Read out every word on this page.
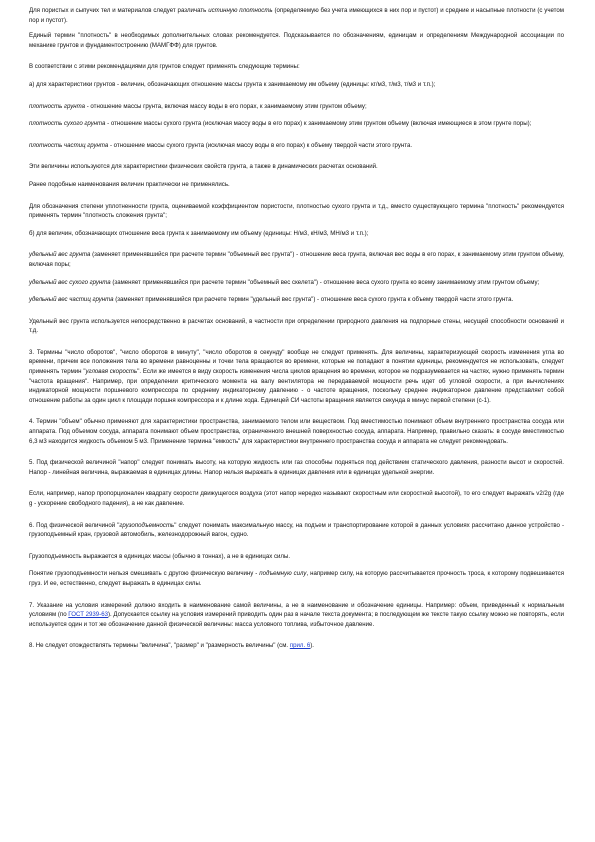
Для пористых и сыпучих тел и материалов следует различать истинную плотность (определяемую без учета имеющихся в них пор и пустот) и средние и насыпные плотности (с учетом пор и пустот).

Единый термин "плотность" в необходимых дополнительных словах рекомендуется. Подсказывается по обозначениям, единицам и определениям Международной ассоциации по механике грунтов и фундаментостроению (МАМГФФ) для грунтов.

В соответствии с этими рекомендациями для грунтов следует применять следующие термины:

а) для характеристики грунтов - величин, обозначающих отношение массы грунта к занимаемому им объему (единицы: кг/м3, т/м3, т/м3 и т.п.);

плотность грунта - отношение массы грунта, включая массу воды в его порах, к занимаемому этим грунтом объему;

плотность сухого грунта - отношение массы сухого грунта (исключая массу воды в его порах) к занимаемому этим грунтом объему (включая имеющиеся в этом грунте поры);

плотность частиц грунта - отношение массы сухого грунта (исключая массу воды в его порах) к объему твердой части этого грунта.

Эти величины используются для характеристики физических свойств грунта, а также в динамических расчетах оснований.

Ранее подобные наименования величин практически не применялись.

Для обозначения степени уплотненности грунта, оцениваемой коэффициентом пористости, плотностью сухого грунта и т.д., вместо существующего термина "плотность" рекомендуется применять термин "плотность сложения грунта";

б) для величин, обозначающих отношение веса грунта к занимаемому им объему (единицы: Н/м3, кН/м3, МН/м3 и т.п.);

удельный вес грунта (заменяет применявшийся при расчете термин "объемный вес грунта") - отношение веса грунта, включая вес воды в его порах, к занимаемому этим грунтом объему, включая поры;

удельный вес сухого грунта (заменяет применявшийся при расчете термин "объемный вес скелета") - отношение веса сухого грунта ко всему занимаемому этим грунтом объему;

удельный вес частиц грунта (заменяет применявшийся при расчете термин "удельный вес грунта") - отношение веса сухого грунта к объему твердой части этого грунта.

Удельный вес грунта используется непосредственно в расчетах оснований, в частности при определении природного давления на подпорные стены, несущей способности оснований и т.д.

3. Термины "число оборотов", "число оборотов в минуту", "число оборотов в секунду" вообще не следует применять. Для величины, характеризующей скорость изменения угла во времени, причем все положения тела во времени равноценны и точки тела вращаются во времени, которые не попадают в понятии единицы, рекомендуется не использовать, следует применять термин "угловая скорость". Если же имеется в виду скорость изменения числа циклов вращения во времени, которое не подразумевается на частях, нужно применять термин "частота вращения". Например, при определении критического момента на валу вентилятора не передаваемой мощности речь идет об угловой скорости, а при вычислениях индикаторной мощности поршневого компрессора по среднему индикаторному давлению - о частоте вращения, поскольку среднее индикаторное давление представляет собой отношение работы за один цикл к площади поршня компрессора и к длине хода. Единицей СИ частоты вращения является секунда в минус первой степени (с-1).

4. Термин "объем" обычно применяют для характеристики пространства, занимаемого телом или веществом. Под вместимостью понимают объем внутреннего пространства сосуда или аппарата. Под объемом сосуда, аппарата понимают объем пространства, ограниченного внешней поверхностью сосуда, аппарата. Например, правильно сказать: в сосуде вместимостью 6,3 м3 находится жидкость объемом 5 м3. Применение термина "емкость" для характеристики внутреннего пространства сосуда и аппарата не следует рекомендовать.

5. Под физической величиной "напор" следует понимать высоту, на которую жидкость или газ способны подняться под действием статического давления, разности высот и скоростей. Напор - линейная величина, выражаемая в единицах длины. Напор нельзя выражать в единицах давления или в единицах удельной энергии.

Если, например, напор пропорционален квадрату скорости движущегося воздуха (этот напор нередко называют скоростным или скоростной высотой), то его следует выражать v2/2g (где g - ускорение свободного падения), а не как давление.

6. Под физической величиной "грузоподъемность" следует понимать максимальную массу, на подъем и транспортирование которой в данных условиях рассчитано данное устройство - грузоподъемный кран, грузовой автомобиль, железнодорожный вагон, судно.

Грузоподъемность выражается в единицах массы (обычно в тоннах), а не в единицах силы.

Понятие грузоподъемности нельзя смешивать с другою физическую величину - подъемную силу, например силу, на которую рассчитывается прочность троса, к которому подвешивается груз. И ее, естественно, следует выражать в единицах силы.

7. Указание на условия измерений должно входить в наименование самой величины, а не в наименование и обозначение единицы. Например: объем, приведенный к нормальным условиям (по ГОСТ 2939-63). Допускается ссылку на условия измерений приводить один раз в начале текста документа; в последующем же тексте такую ссылку можно не повторять, если используется один и тот же обозначение данной физической величины: масса условного топлива, избыточное давление.

8. Не следует отождествлять термины "величина", "размер" и "размерность величины" (см. прил. 6).
